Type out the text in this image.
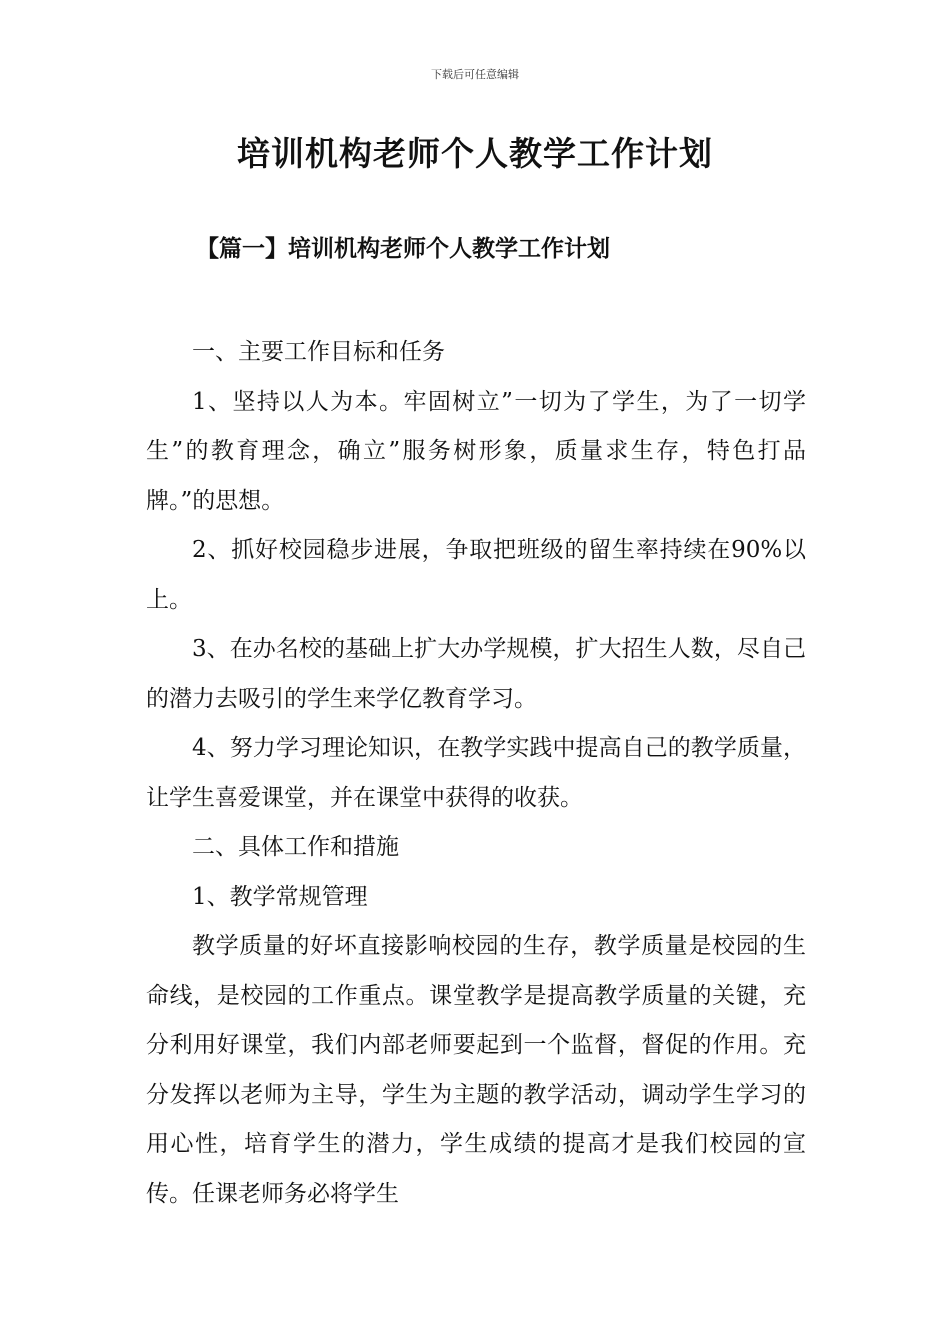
下载后可任意编辑
培训机构老师个人教学工作计划
【篇一】培训机构老师个人教学工作计划

一、主要工作目标和任务

1、坚持以人为本。牢固树立”一切为了学生，为了一切学生”的教育理念，确立”服务树形象，质量求生存，特色打品牌。”的思想。

2、抓好校园稳步进展，争取把班级的留生率持续在90%以上。

3、在办名校的基础上扩大办学规模，扩大招生人数，尽自己的潜力去吸引的学生来学亿教育学习。

4、努力学习理论知识，在教学实践中提高自己的教学质量，让学生喜爱课堂，并在课堂中获得的收获。

二、具体工作和措施

1、教学常规管理

教学质量的好坏直接影响校园的生存，教学质量是校园的生命线，是校园的工作重点。课堂教学是提高教学质量的关键，充分利用好课堂，我们内部老师要起到一个监督，督促的作用。充分发挥以老师为主导，学生为主题的教学活动，调动学生学习的用心性，培育学生的潜力，学生成绩的提高才是我们校园的宣传。任课老师务必将学生
